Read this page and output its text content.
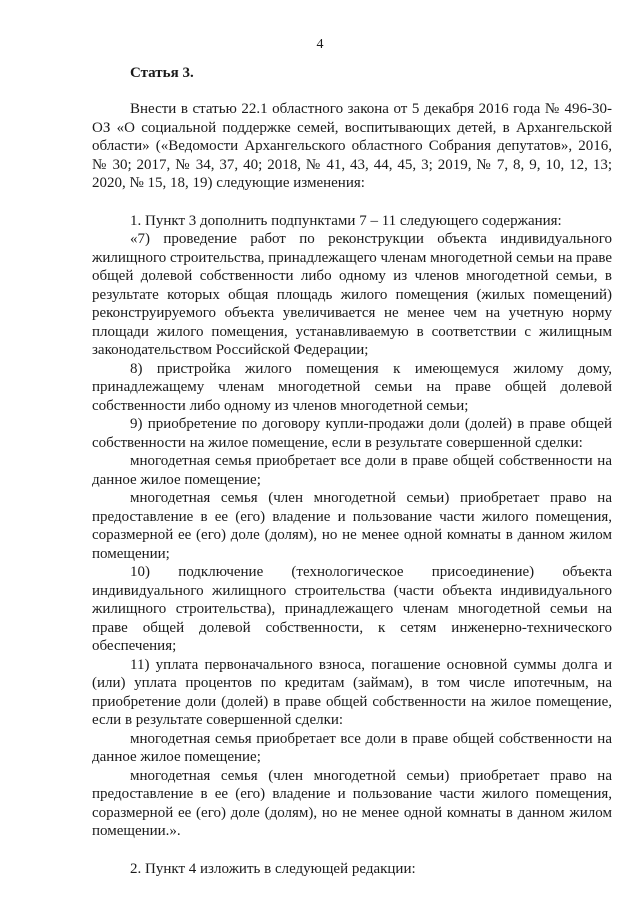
4
Статья 3.

Внести в статью 22.1 областного закона от 5 декабря 2016 года № 496-30-ОЗ «О социальной поддержке семей, воспитывающих детей, в Архангельской области» («Ведомости Архангельского областного Собрания депутатов», 2016, № 30; 2017, № 34, 37, 40; 2018, № 41, 43, 44, 45, 3; 2019, № 7, 8, 9, 10, 12, 13; 2020, № 15, 18, 19) следующие изменения:

1. Пункт 3 дополнить подпунктами 7 – 11 следующего содержания:

«7) проведение работ по реконструкции объекта индивидуального жилищного строительства, принадлежащего членам многодетной семьи на праве общей долевой собственности либо одному из членов многодетной семьи, в результате которых общая площадь жилого помещения (жилых помещений) реконструируемого объекта увеличивается не менее чем на учетную норму площади жилого помещения, устанавливаемую в соответствии с жилищным законодательством Российской Федерации;

8) пристройка жилого помещения к имеющемуся жилому дому, принадлежащему членам многодетной семьи на праве общей долевой собственности либо одному из членов многодетной семьи;

9) приобретение по договору купли-продажи доли (долей) в праве общей собственности на жилое помещение, если в результате совершенной сделки:

многодетная семья приобретает все доли в праве общей собственности на данное жилое помещение;

многодетная семья (член многодетной семьи) приобретает право на предоставление в ее (его) владение и пользование части жилого помещения, соразмерной ее (его) доле (долям), но не менее одной комнаты в данном жилом помещении;

10) подключение (технологическое присоединение) объекта индивидуального жилищного строительства (части объекта индивидуального жилищного строительства), принадлежащего членам многодетной семьи на праве общей долевой собственности, к сетям инженерно-технического обеспечения;

11) уплата первоначального взноса, погашение основной суммы долга и (или) уплата процентов по кредитам (займам), в том числе ипотечным, на приобретение доли (долей) в праве общей собственности на жилое помещение, если в результате совершенной сделки:

многодетная семья приобретает все доли в праве общей собственности на данное жилое помещение;

многодетная семья (член многодетной семьи) приобретает право на предоставление в ее (его) владение и пользование части жилого помещения, соразмерной ее (его) доле (долям), но не менее одной комнаты в данном жилом помещении.».

2. Пункт 4 изложить в следующей редакции:
